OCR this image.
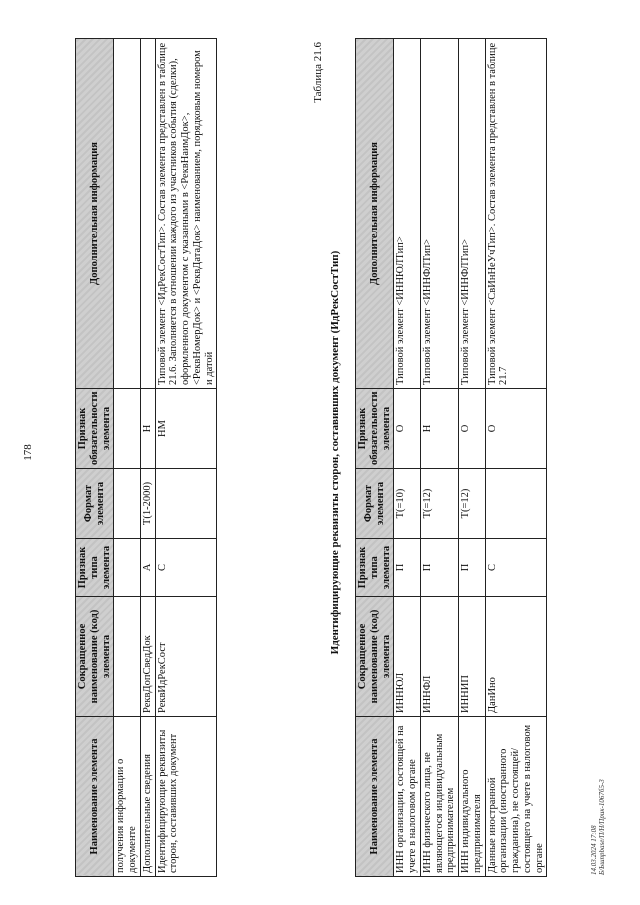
178
Наименование элемента	Сокращенное наименование (код) элемента	Признак типа элемента	Формат элемента	Признак обязательности элемента	Дополнительная информация
получения информации о документе					
Дополнительные сведения	РеквДопСведДок	А	Т(1-2000)	Н	
Идентифицирующие реквизиты сторон, составивших документ	РеквИдРекСост	С		НМ	Типовой элемент <ИдРекСостТип>. Состав элемента представлен в таблице 21.6. Заполняется в отношении каждого из участников события (сделки), оформленного документом с указанными в <РеквНаимДок>, <РеквНомерДок> и <РеквДатаДок> наименованием, порядковым номером и датой
Таблица 21.6
Идентифицирующие реквизиты сторон, составивших документ (ИдРекСостТип)
Наименование элемента	Сокращенное наименование (код) элемента	Признак типа элемента	Формат элемента	Признак обязательности элемента	Дополнительная информация
ИНН организации, состоящей на учете в налоговом органе	ИННЮЛ	П	Т(=10)	О	Типовой элемент <ИННЮЛТип>
ИНН физического лица, не являющегося индивидуальным предпринимателем	ИННФЛ	П	Т(=12)	Н	Типовой элемент <ИННФЛТип>
ИНН индивидуального предпринимателя	ИННИП	П	Т(=12)	О	Типовой элемент <ИННФЛТип>
Данные иностранной организации (иностранного гражданина), не состоящей/состоящего на учете в налоговом органе	ДанИно	С		О	Типовой элемент <СвИнНеУчТип>. Состав элемента представлен в таблице 21.7
14.03.2024 17:08 Б/Ьшnpbase/П/Н/Прик-1067б5-3
